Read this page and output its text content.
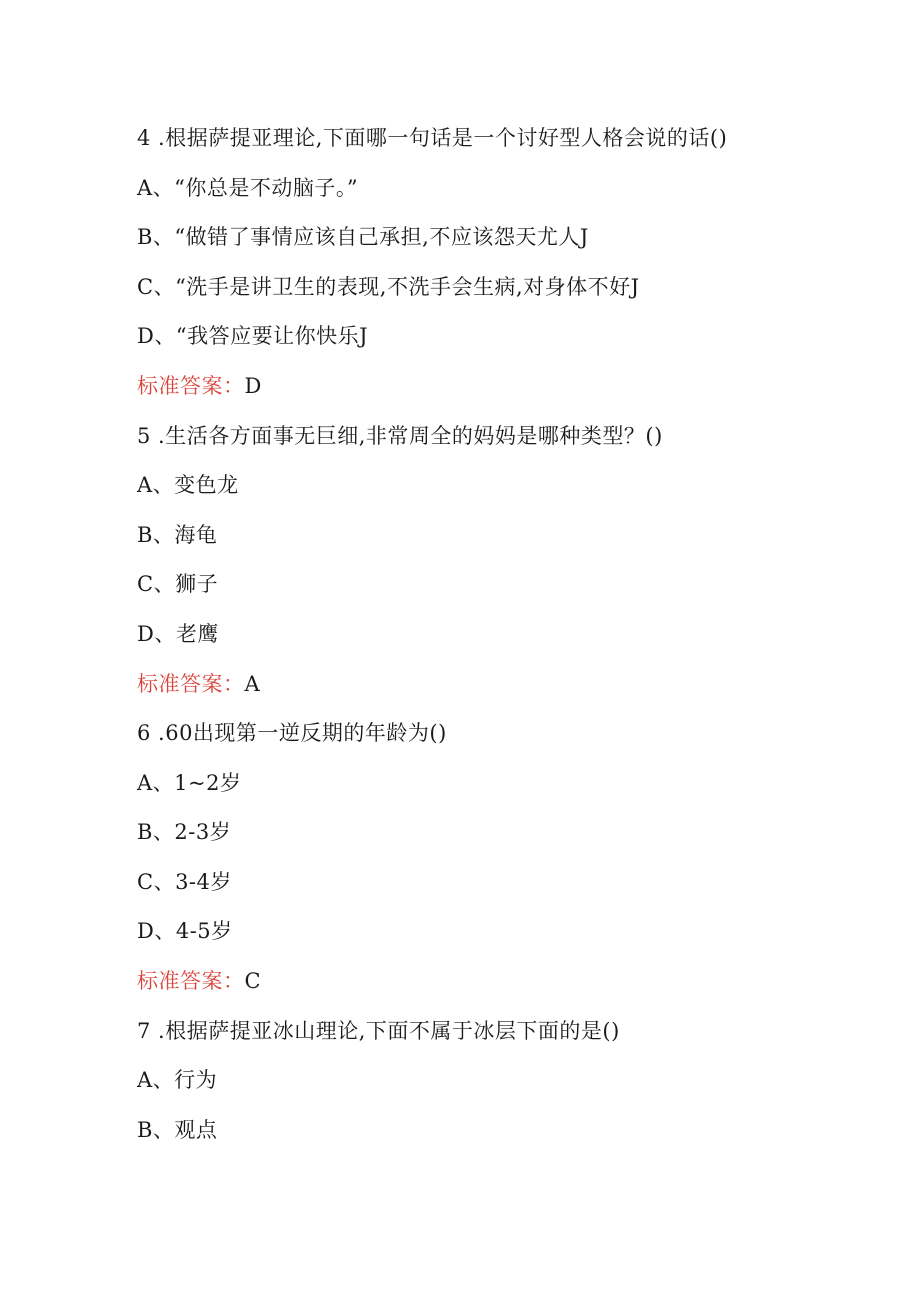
4 .根据萨提亚理论,下面哪一句话是一个讨好型人格会说的话()
A、“你总是不动脑子。”
B、“做错了事情应该自己承担,不应该怨天尤人J
C、“洗手是讲卫生的表现,不洗手会生病,对身体不好J
D、“我答应要让你快乐J
标准答案：D
5 .生活各方面事无巨细,非常周全的妈妈是哪种类型？()
A、变色龙
B、海龟
C、狮子
D、老鹰
标准答案：A
6 .60出现第一逆反期的年龄为()
A、1~2岁
B、2-3岁
C、3-4岁
D、4-5岁
标准答案：C
7 .根据萨提亚冰山理论,下面不属于冰层下面的是()
A、行为
B、观点
